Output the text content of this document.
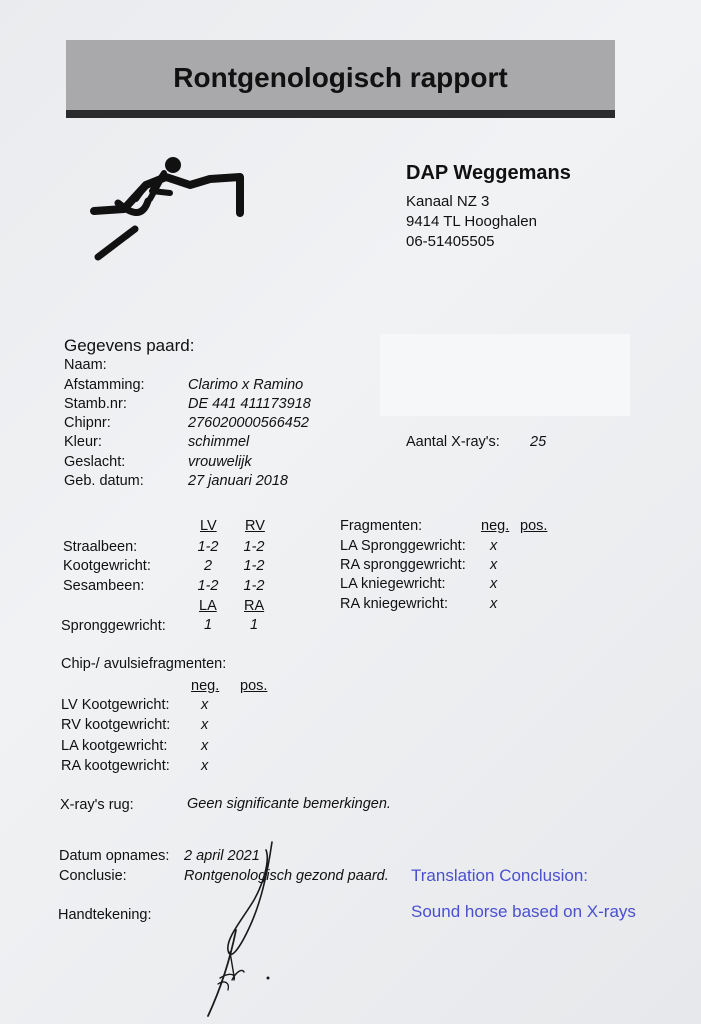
Rontgenologisch rapport
DAP Weggemans
Kanaal NZ 3
9414 TL Hooghalen
06-51405505
Gegevens paard:
Naam:
Afstamming:	Clarimo x Ramino
Stamb.nr:	DE 441 411173918
Chipnr:	276020000566452
Kleur:	schimmel	Aantal X-ray's: 25
Geslacht:	vrouwelijk
Geb. datum:	27 januari 2018
LV RV
Straalbeen:	1-2	1-2
Kootgewricht:	2	1-2
Sesambeen:	1-2	1-2
LA RA
Spronggewricht:	1	1
Fragmenten:	neg. pos.
LA Spronggewricht: x
RA spronggewricht: x
LA kniegewricht:	x
RA kniegewricht:	x
Chip-/ avulsiefragmenten:
neg. pos.
LV Kootgewricht: x
RV kootgewricht: x
LA kootgewricht: x
RA kootgewricht: x
X-ray's rug:	Geen significante bemerkingen.
Datum opnames: 2 april 2021
Conclusie:	Rontgenologisch gezond paard.
Handtekening:
Translation Conclusion:
Sound horse based on X-rays
